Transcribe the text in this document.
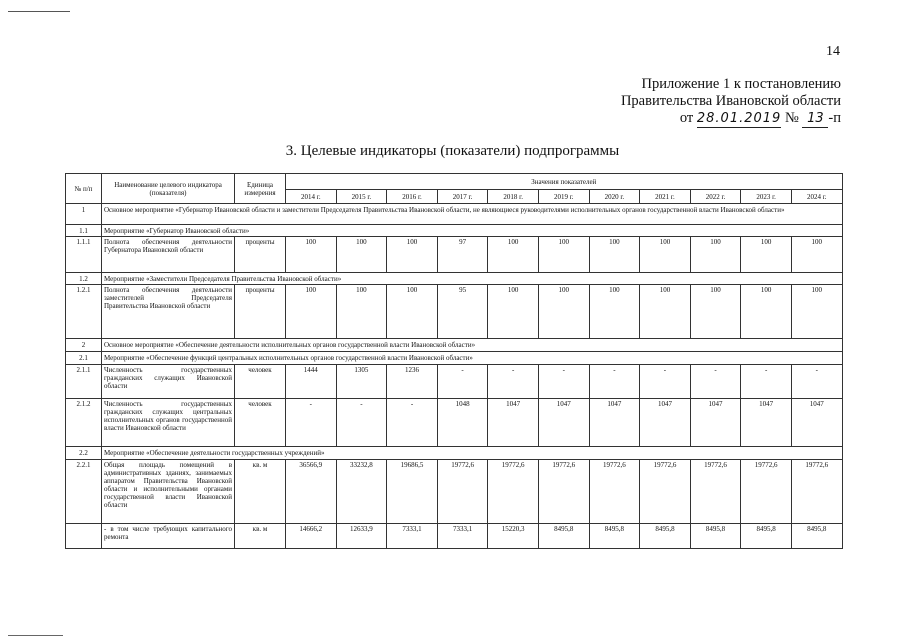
14
Приложение 1 к постановлению
Правительства Ивановской области
от 28.01.2019 № 13 -п
3. Целевые индикаторы (показатели) подпрограммы
№ п/п	Наименование целевого индикатора (показателя)	Единица измерения	Значения показателей										
			2014 г.	2015 г.	2016 г.	2017 г.	2018 г.	2019 г.	2020 г.	2021 г.	2022 г.	2023 г.	2024 г.
1	Основное мероприятие «Губернатор Ивановской области и заместители Председателя Правительства Ивановской области, не являющиеся руководителями исполнительных органов государственной власти Ивановской области»												
1.1	Мероприятие «Губернатор Ивановской области»												
1.1.1	Полнота обеспечения деятельности Губернатора Ивановской области	проценты	100	100	100	97	100	100	100	100	100	100	100
1.2	Мероприятие «Заместители Председателя Правительства Ивановской области»												
1.2.1	Полнота обеспечения деятельности заместителей Председателя Правительства Ивановской области	проценты	100	100	100	95	100	100	100	100	100	100	100
2	Основное мероприятие «Обеспечение деятельности исполнительных органов государственной власти Ивановской области»												
2.1	Мероприятие «Обеспечение функций центральных исполнительных органов государственной власти Ивановской области»												
2.1.1	Численность государственных гражданских служащих Ивановской области	человек	1444	1305	1236	-	-	-	-	-	-	-	-
2.1.2	Численность государственных гражданских служащих центральных исполнительных органов государственной власти Ивановской области	человек	-	-	-	1048	1047	1047	1047	1047	1047	1047	1047
2.2	Мероприятие «Обеспечение деятельности государственных учреждений»												
2.2.1	Общая площадь помещений в административных зданиях, занимаемых аппаратом Правительства Ивановской области и исполнительными органами государственной власти Ивановской области	кв. м	36566,9	33232,8	19686,5	19772,6	19772,6	19772,6	19772,6	19772,6	19772,6	19772,6	19772,6
	- в том числе требующих капитального ремонта	кв. м	14666,2	12633,9	7333,1	7333,1	15220,3	8495,8	8495,8	8495,8	8495,8	8495,8	8495,8
